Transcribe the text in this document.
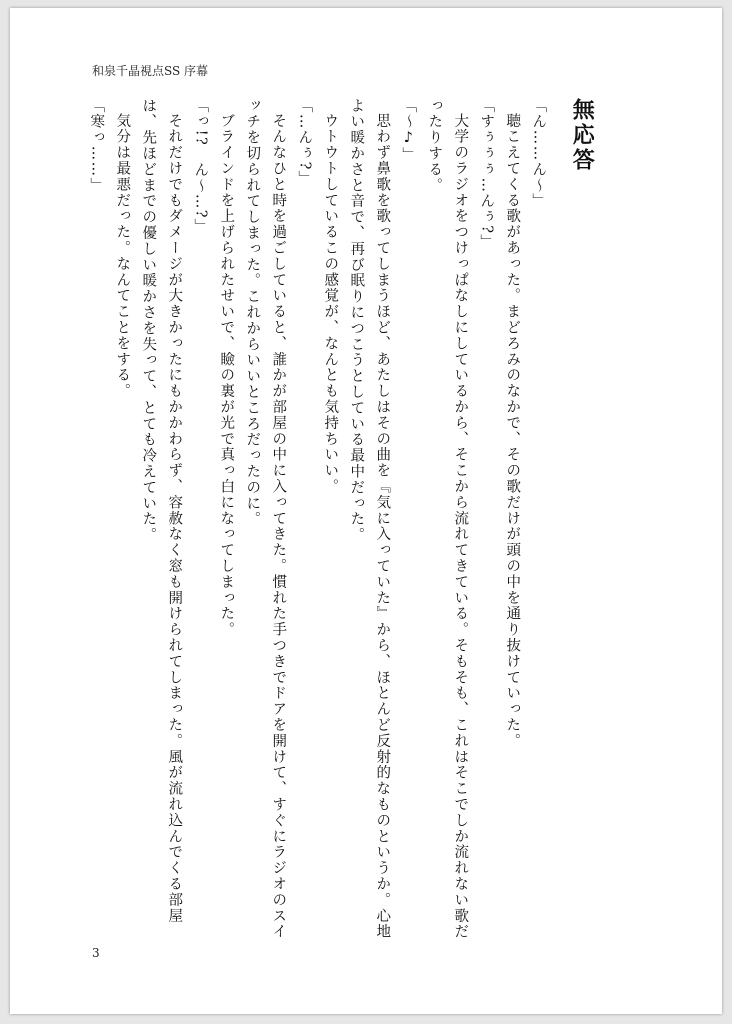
和泉千晶視点SS 序幕
無応答

「ん……ん〜」

聴こえてくる歌があった。まどろみのなかで、その歌だけが頭の中を通り抜けていった。

「すぅぅぅ…んぅ?」

大学のラジオをつけっぱなしにしているから、そこから流れてきている。そもそも、これはそこでしか流れない歌だったりする。

「〜♪」

思わず鼻歌を歌ってしまうほど、あたしはその曲を『気に入っていた』から、ほとんど反射的なものというか。心地よい暖かさと音で、再び眠りにつこうとしている最中だった。

ウトウトしているこの感覚が、なんとも気持ちいい。

「…んぅ?」

そんなひと時を過ごしていると、誰かが部屋の中に入ってきた。慣れた手つきでドアを開けて、すぐにラジオのスイッチを切られてしまった。これからいいところだったのに。

ブラインドを上げられたせいで、瞼の裏が光で真っ白になってしまった。

「っ!?　ん〜…?」

それだけでもダメージが大きかったにもかかわらず、容赦なく窓も開けられてしまった。風が流れ込んでくる部屋は、先ほどまでの優しい暖かさを失って、とても冷えていた。

気分は最悪だった。なんてことをする。

「寒っ……」

3
